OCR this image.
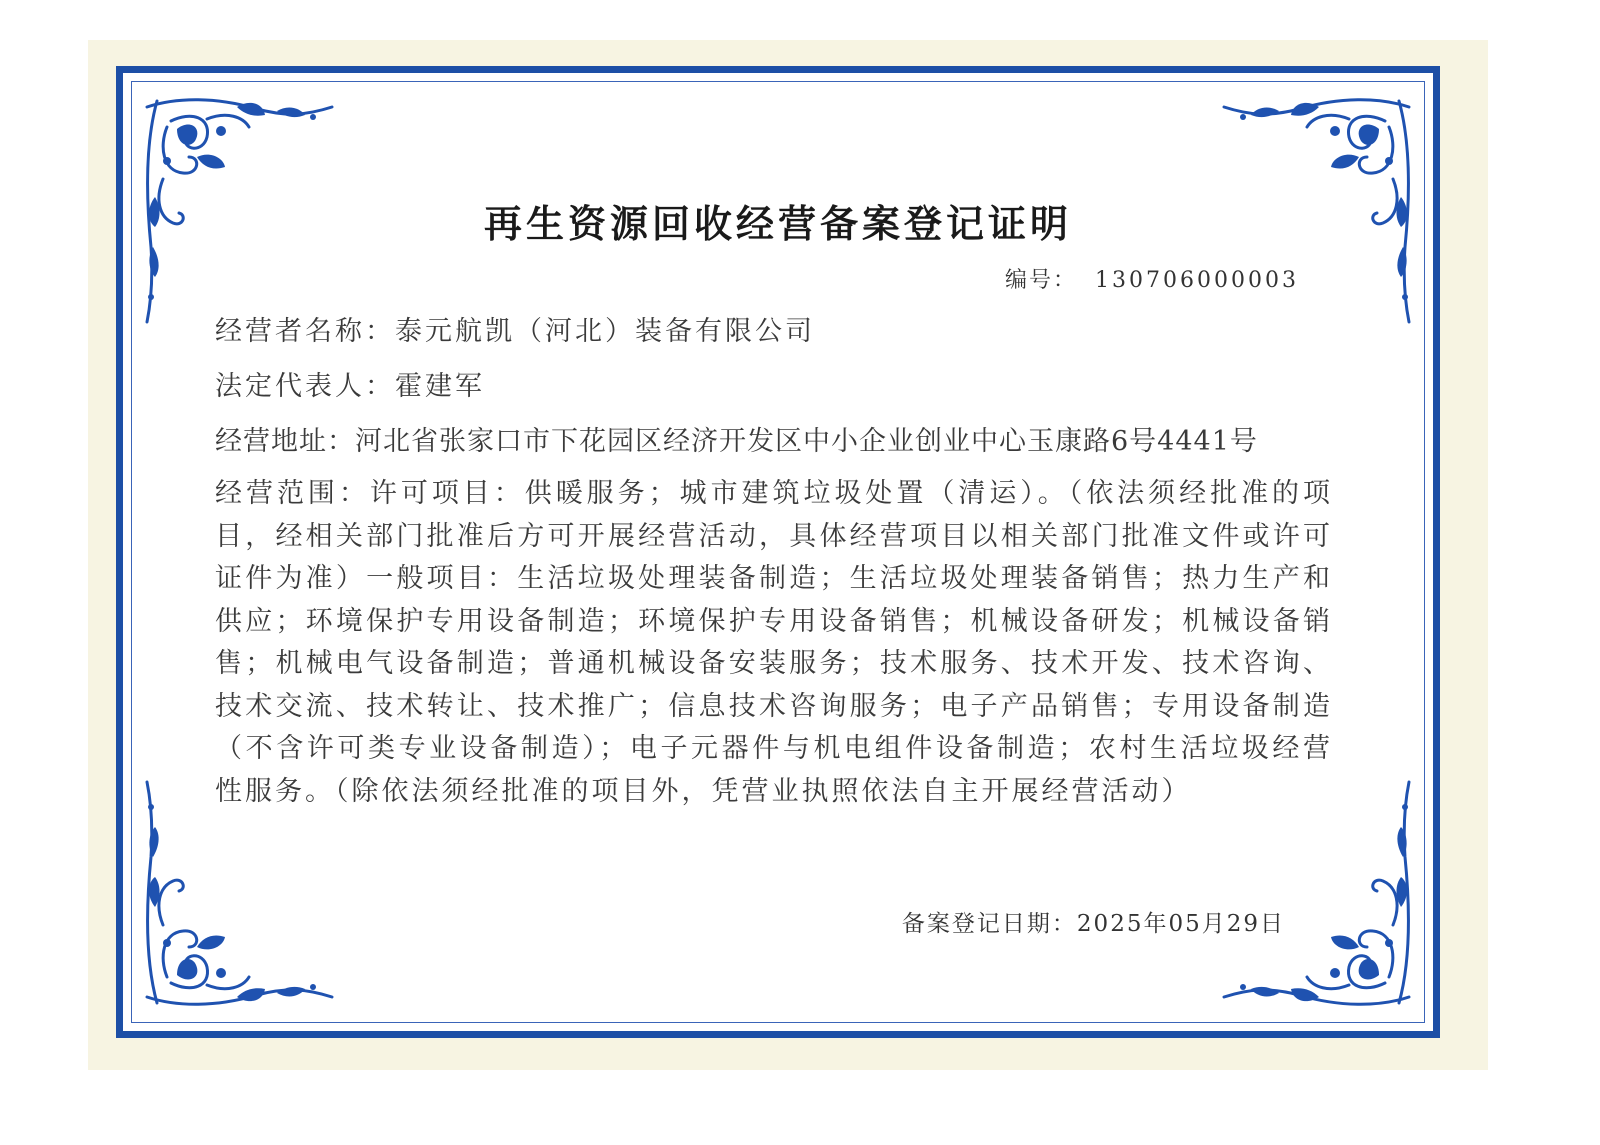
再生资源回收经营备案登记证明
编号： 130706000003

经营者名称：泰元航凯（河北）装备有限公司

法定代表人：霍建军

经营地址：河北省张家口市下花园区经济开发区中小企业创业中心玉康路6号4441号

经营范围：许可项目：供暖服务；城市建筑垃圾处置（清运）。（依法须经批准的项目，经相关部门批准后方可开展经营活动，具体经营项目以相关部门批准文件或许可证件为准）一般项目：生活垃圾处理装备制造；生活垃圾处理装备销售；热力生产和供应；环境保护专用设备制造；环境保护专用设备销售；机械设备研发；机械设备销售；机械电气设备制造；普通机械设备安装服务；技术服务、技术开发、技术咨询、技术交流、技术转让、技术推广；信息技术咨询服务；电子产品销售；专用设备制造（不含许可类专业设备制造）；电子元器件与机电组件设备制造；农村生活垃圾经营性服务。（除依法须经批准的项目外，凭营业执照依法自主开展经营活动）

备案登记日期：2025年05月29日
